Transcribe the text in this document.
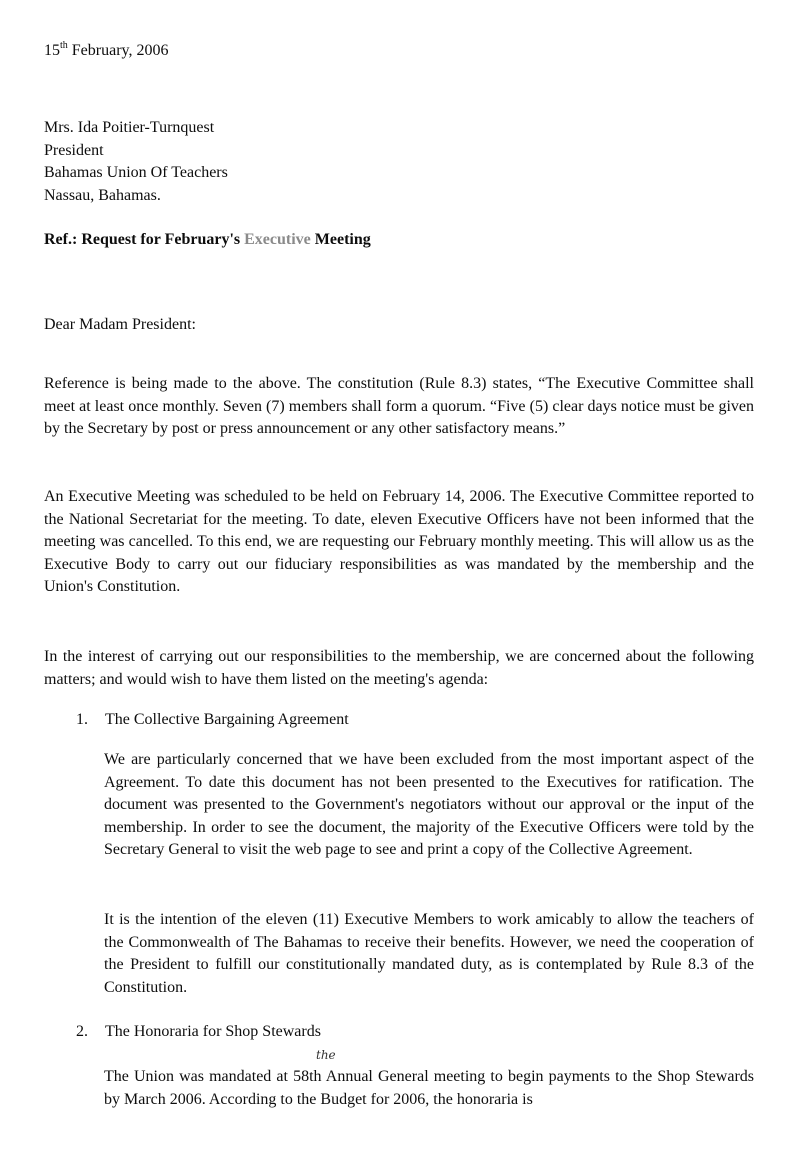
15th February, 2006
Mrs. Ida Poitier-Turnquest
President
Bahamas Union Of Teachers
Nassau, Bahamas.
Ref.: Request for February's Executive Meeting
Dear Madam President:
Reference is being made to the above. The constitution (Rule 8.3) states, “The Executive Committee shall meet at least once monthly. Seven (7) members shall form a quorum. “Five (5) clear days notice must be given by the Secretary by post or press announcement or any other satisfactory means.”
An Executive Meeting was scheduled to be held on February 14, 2006. The Executive Committee reported to the National Secretariat for the meeting. To date, eleven Executive Officers have not been informed that the meeting was cancelled. To this end, we are requesting our February monthly meeting. This will allow us as the Executive Body to carry out our fiduciary responsibilities as was mandated by the membership and the Union's Constitution.
In the interest of carrying out our responsibilities to the membership, we are concerned about the following matters; and would wish to have them listed on the meeting's agenda:
1. The Collective Bargaining Agreement
We are particularly concerned that we have been excluded from the most important aspect of the Agreement. To date this document has not been presented to the Executives for ratification. The document was presented to the Government's negotiators without our approval or the input of the membership. In order to see the document, the majority of the Executive Officers were told by the Secretary General to visit the web page to see and print a copy of the Collective Agreement.
It is the intention of the eleven (11) Executive Members to work amicably to allow the teachers of the Commonwealth of The Bahamas to receive their benefits. However, we need the cooperation of the President to fulfill our constitutionally mandated duty, as is contemplated by Rule 8.3 of the Constitution.
2. The Honoraria for Shop Stewards
the
The Union was mandated at 58th Annual General meeting to begin payments to the Shop Stewards by March 2006. According to the Budget for 2006, the honoraria is
